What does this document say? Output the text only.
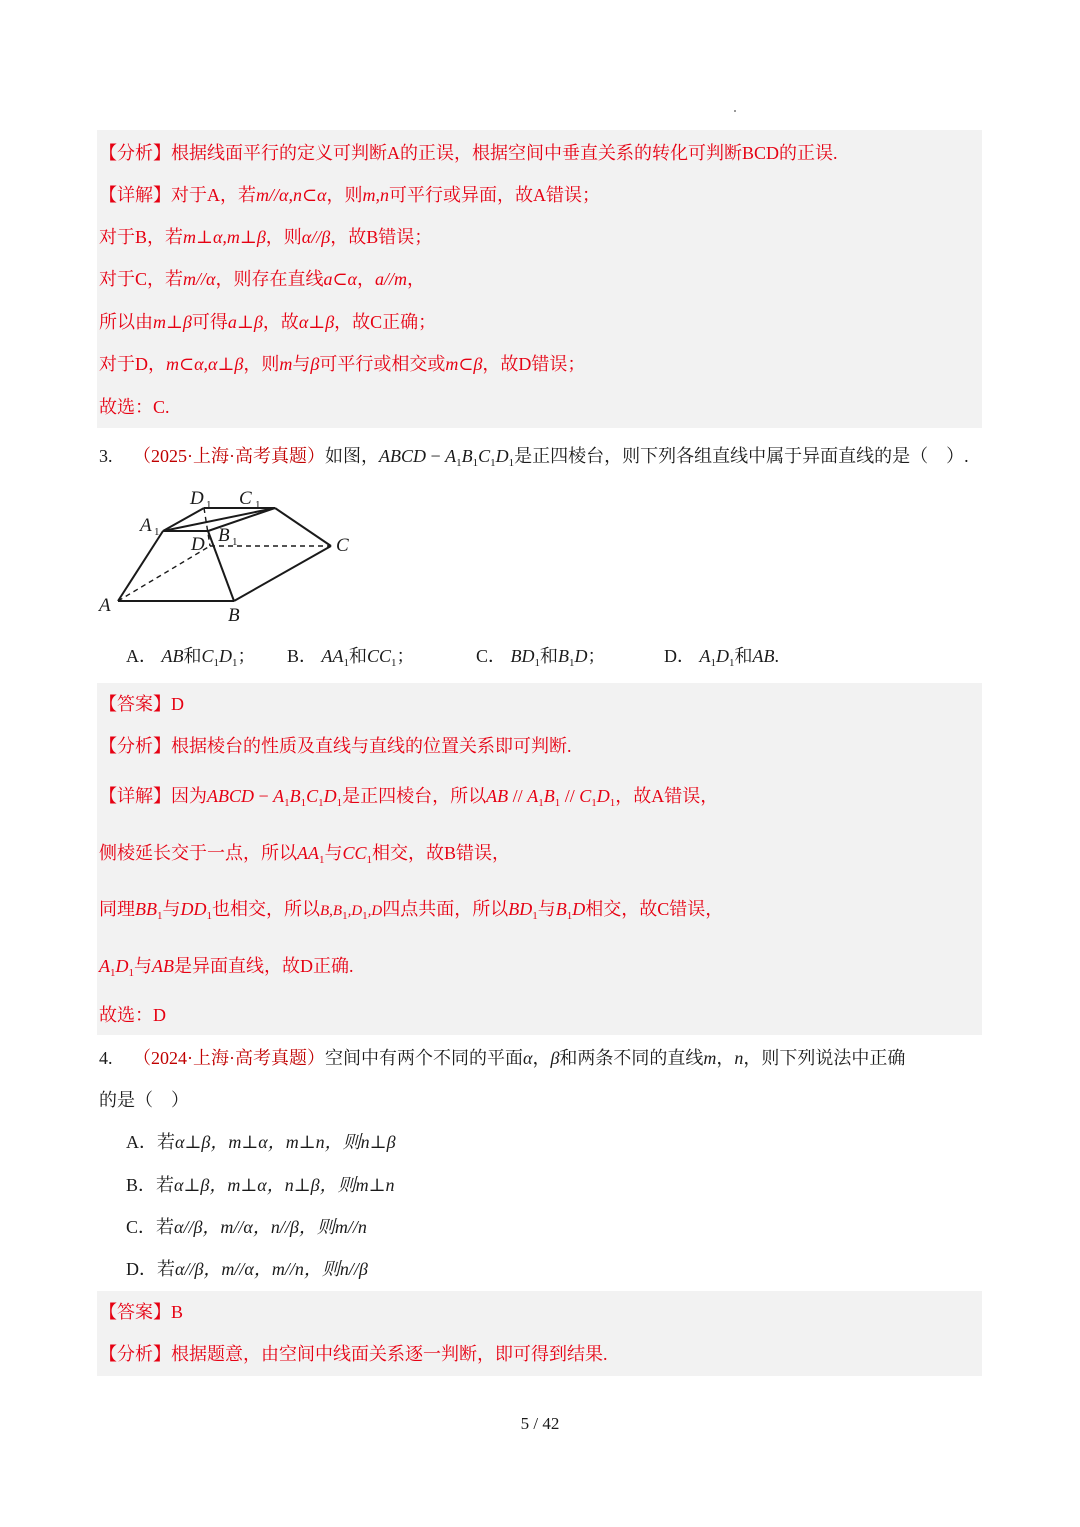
【分析】根据线面平行的定义可判断A的正误，根据空间中垂直关系的转化可判断BCD的正误.
【详解】对于A，若m//α,n⊂α，则m,n可平行或异面，故A错误；
对于B，若m⊥α,m⊥β，则α//β，故B错误；
对于C，若m//α，则存在直线a⊂α，a//m，
所以由m⊥β可得a⊥β，故α⊥β，故C正确；
对于D，m⊂α,α⊥β，则m与β可平行或相交或m⊂β，故D错误；
故选：C.
3. （2025·上海·高考真题）如图，ABCD − $A_1B_1C_1D_1$是正四棱台，则下列各组直线中属于异面直线的是（　）.
A	B
C
D
A	B
C
D
1
1
1
1
A． AB和$C_1D_1$； B． $AA_1$和$CC_1$；	C． $BD_1$和$B_1D$；	D． $A_1D_1$和AB.
【答案】D
【分析】根据棱台的性质及直线与直线的位置关系即可判断.
【详解】因为ABCD − $A_1B_1C_1D_1$是正四棱台，所以AB // $A_1B_1 // C_1D_1$，故A错误，
侧棱延长交于一点，所以$AA_1$与$CC_1$相交，故B错误，
同理$BB_1$与$DD_1$也相交，所以$B,B_1,D_1,D$四点共面，所以$BD_1$与$B_1D$相交，故C错误，
$A_1D_1$与AB是异面直线，故D正确.
故选：D
4. （2024·上海·高考真题）空间中有两个不同的平面α，β和两条不同的直线m，n，则下列说法中正确
的是（　）
A．若α⊥β，m⊥α，m⊥n，则n⊥β
B．若α⊥β，m⊥α，n⊥β，则m⊥n
C．若α//β，m//α，n//β，则m//n
D．若α//β，m//α，m//n，则n//β
【答案】B
【分析】根据题意，由空间中线面关系逐一判断，即可得到结果.
5 / 42
